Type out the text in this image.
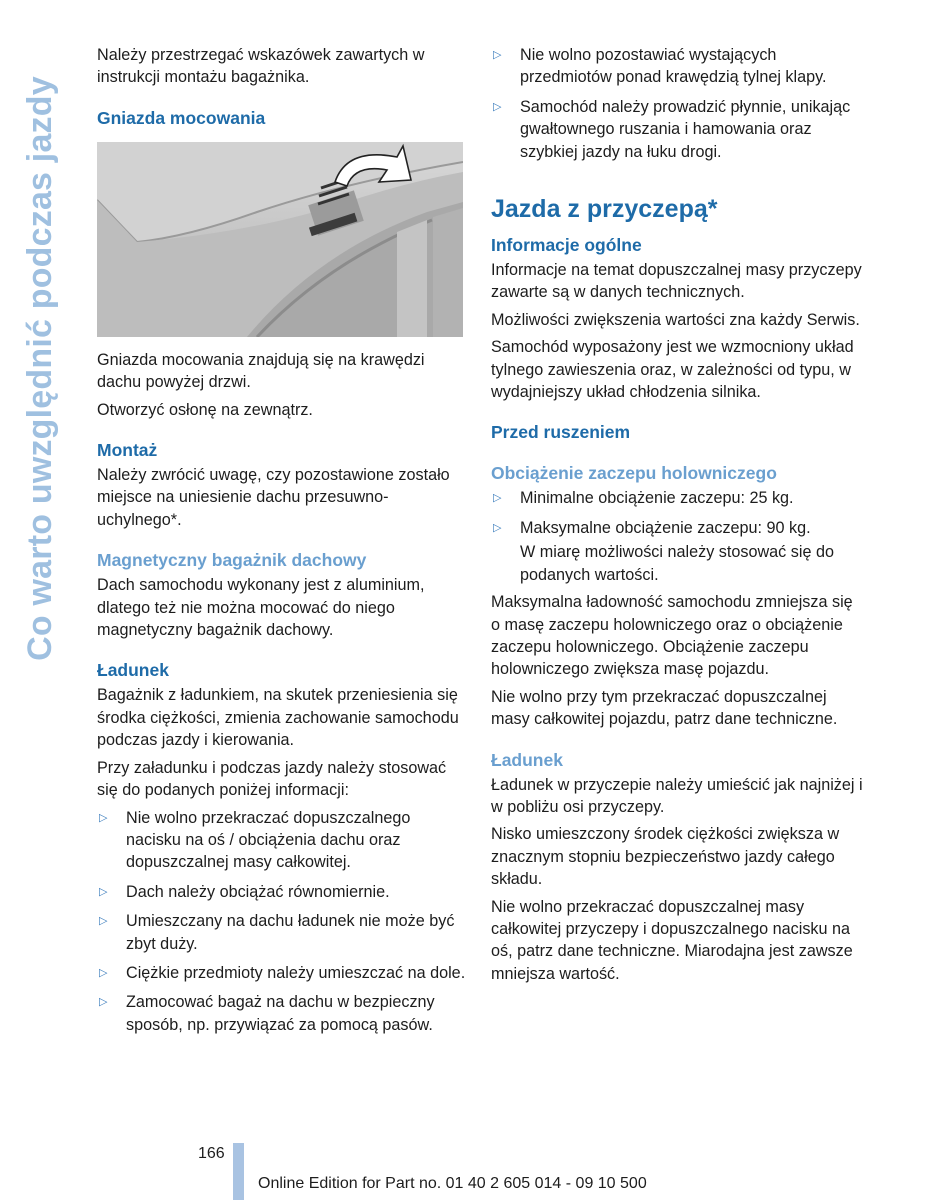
Co warto uwzględnić podczas jazdy

Należy przestrzegać wskazówek zawartych w instrukcji montażu bagażnika.

Gniazda mocowania

Gniazda mocowania znajdują się na krawędzi dachu powyżej drzwi.

Otworzyć osłonę na zewnątrz.

Montaż

Należy zwrócić uwagę, czy pozostawione zostało miejsce na uniesienie dachu przesuwno-uchylnego*.

Magnetyczny bagażnik dachowy

Dach samochodu wykonany jest z aluminium, dlatego też nie można mocować do niego magnetyczny bagażnik dachowy.

Ładunek

Bagażnik z ładunkiem, na skutek przeniesienia się środka ciężkości, zmienia zachowanie samochodu podczas jazdy i kierowania.

Przy załadunku i podczas jazdy należy stosować się do podanych poniżej informacji:

▷ Nie wolno przekraczać dopuszczalnego nacisku na oś / obciążenia dachu oraz dopuszczalnej masy całkowitej.
▷ Dach należy obciążać równomiernie.
▷ Umieszczany na dachu ładunek nie może być zbyt duży.
▷ Ciężkie przedmioty należy umieszczać na dole.
▷ Zamocować bagaż na dachu w bezpieczny sposób, np. przywiązać za pomocą pasów.
▷ Nie wolno pozostawiać wystających przedmiotów ponad krawędzią tylnej klapy.
▷ Samochód należy prowadzić płynnie, unikając gwałtownego ruszania i hamowania oraz szybkiej jazdy na łuku drogi.
Jazda z przyczepą*
Informacje ogólne

Informacje na temat dopuszczalnej masy przyczepy zawarte są w danych technicznych.

Możliwości zwiększenia wartości zna każdy Serwis.

Samochód wyposażony jest we wzmocniony układ tylnego zawieszenia oraz, w zależności od typu, w wydajniejszy układ chłodzenia silnika.

Przed ruszeniem
Obciążenie zaczepu holowniczego
▷ Minimalne obciążenie zaczepu: 25 kg.
▷ Maksymalne obciążenie zaczepu: 90 kg.

W miarę możliwości należy stosować się do podanych wartości.

Maksymalna ładowność samochodu zmniejsza się o masę zaczepu holowniczego oraz o obciążenie zaczepu holowniczego. Obciążenie zaczepu holowniczego zwiększa masę pojazdu.

Nie wolno przy tym przekraczać dopuszczalnej masy całkowitej pojazdu, patrz dane techniczne.

Ładunek

Ładunek w przyczepie należy umieścić jak najniżej i w pobliżu osi przyczepy.

Nisko umieszczony środek ciężkości zwiększa w znacznym stopniu bezpieczeństwo jazdy całego składu.

Nie wolno przekraczać dopuszczalnej masy całkowitej przyczepy i dopuszczalnego nacisku na oś, patrz dane techniczne. Miarodajna jest zawsze mniejsza wartość.

166
Online Edition for Part no. 01 40 2 605 014 - 09 10 500
